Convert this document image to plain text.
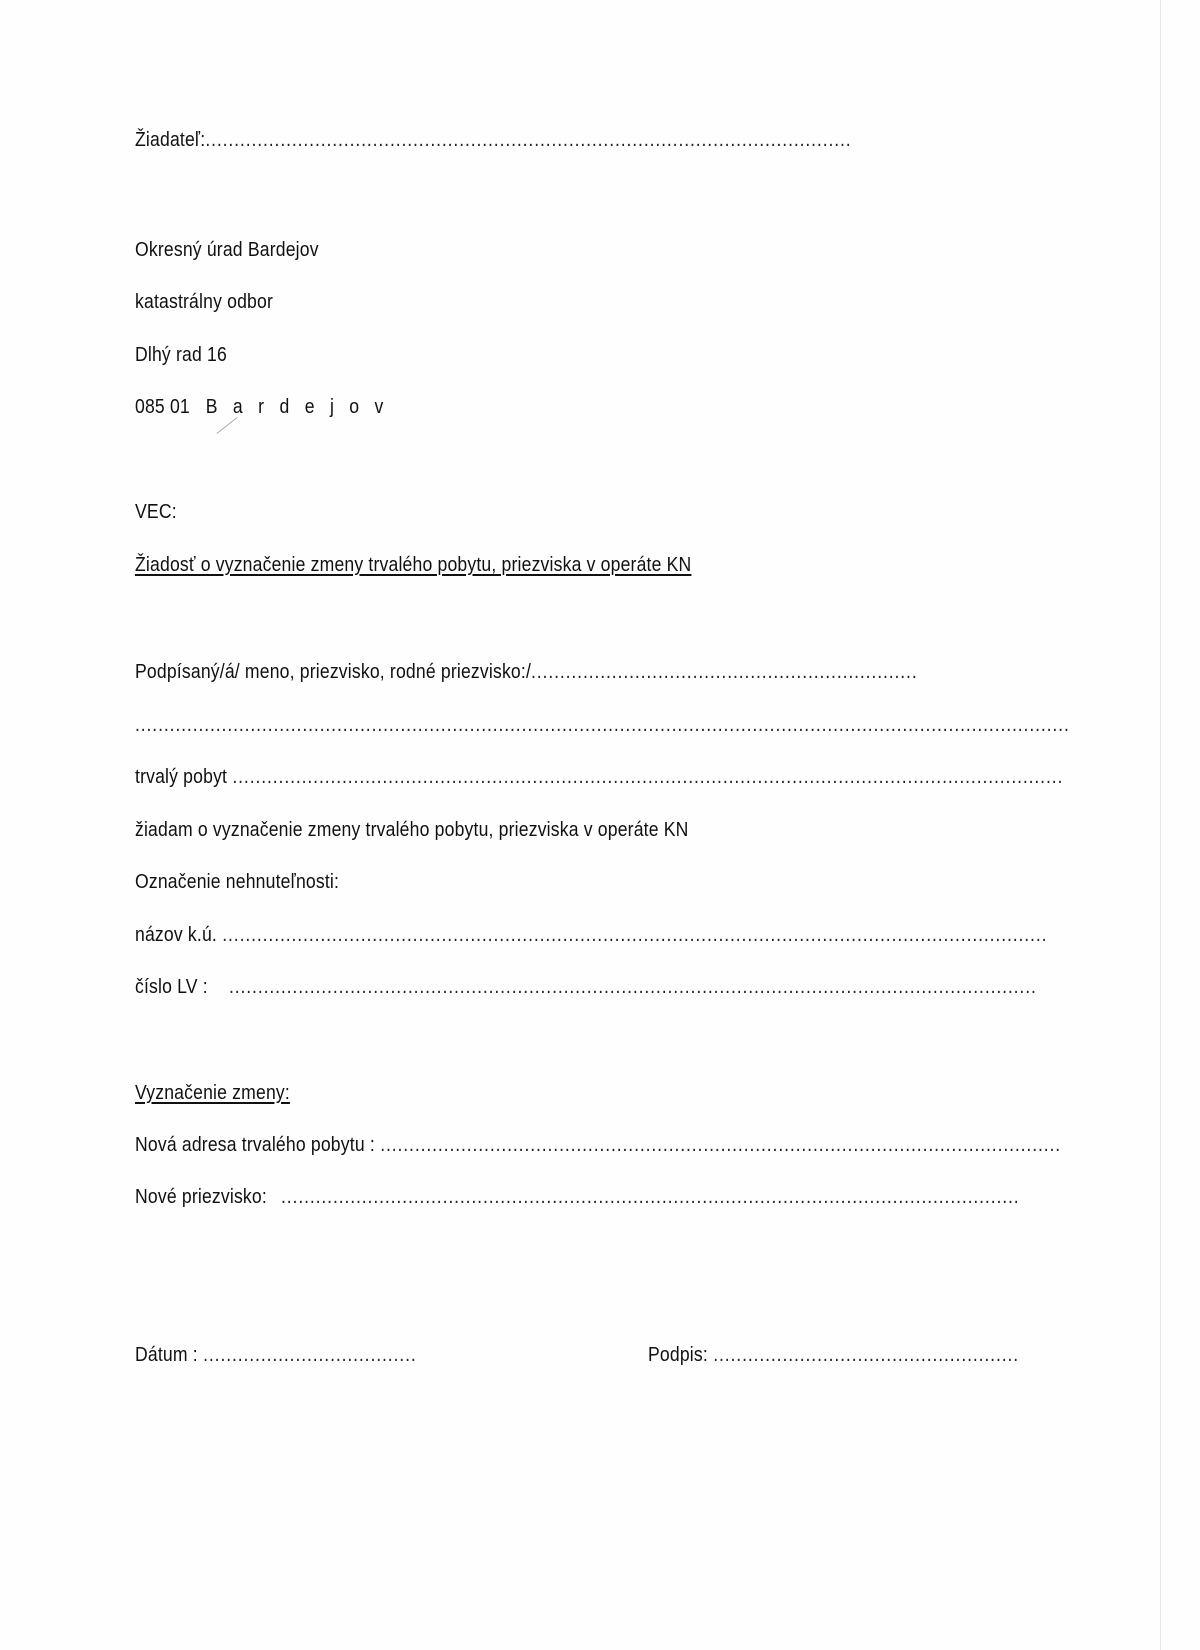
Žiadateľ: ................................................................................................................
Okresný úrad Bardejov
katastrálny odbor
Dlhý rad 16
085 01 B a r d e j o v
VEC:
Žiadosť o vyznačenie zmeny trvalého pobytu, priezviska v operáte KN
Podpísaný/á/ meno, priezvisko, rodné priezvisko:/ ...................................................................
..................................................................................................................................................................
trvalý pobyt ................................................................................................................................................
žiadam o vyznačenie zmeny trvalého pobytu, priezviska v operáte KN
Označenie nehnuteľnosti:
názov k.ú. ...............................................................................................................................................
číslo LV : ............................................................................................................................................
Vyznačenie zmeny:
Nová adresa trvalého pobytu : ......................................................................................................................
Nové priezvisko: ................................................................................................................................
Dátum : .....................................	Podpis: .....................................................
